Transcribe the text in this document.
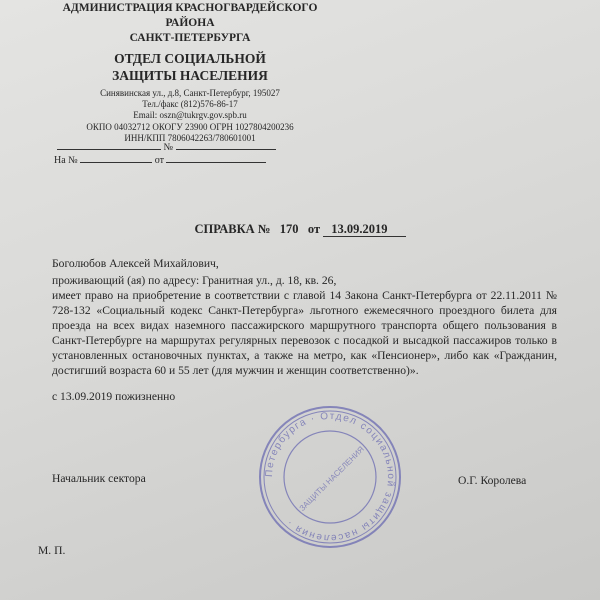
АДМИНИСТРАЦИЯ КРАСНОГВАРДЕЙСКОГО
РАЙОНА
САНКТ-ПЕТЕРБУРГА
ОТДЕЛ СОЦИАЛЬНОЙ
ЗАЩИТЫ НАСЕЛЕНИЯ
Синявинская ул., д.8, Санкт-Петербург, 195027
Тел./факс (812)576-86-17
Email: oszn@tukrgv.gov.spb.ru
ОКПО 04032712 ОКОГУ 23900 ОГРН 1027804200236
ИНН/КПП 7806042263/780601001
№
На №	от
СПРАВКА № 170 от 13.09.2019

Боголюбов Алексей Михайлович,

проживающий (ая) по адресу: Гранитная ул., д. 18, кв. 26,

имеет право на приобретение в соответствии с главой 14 Закона Санкт-Петербурга от 22.11.2011 № 728-132 «Социальный кодекс Санкт-Петербурга» льготного ежемесячного проездного билета для проезда на всех видах наземного пассажирского маршрутного транспорта общего пользования в Санкт-Петербурге на маршрутах регулярных перевозок с посадкой и высадкой пассажиров только в установленных остановочных пунктах, а также на метро, как «Пенсионер», либо как «Гражданин, достигший возраста 60 и 55 лет (для мужчин и женщин соответственно)».

с 13.09.2019 пожизненно
Петербурга · Отдел социальной защиты населения ·
ЗАЩИТЫ НАСЕЛЕНИЯ
Начальник сектора	О.Г. Королева
М. П.
